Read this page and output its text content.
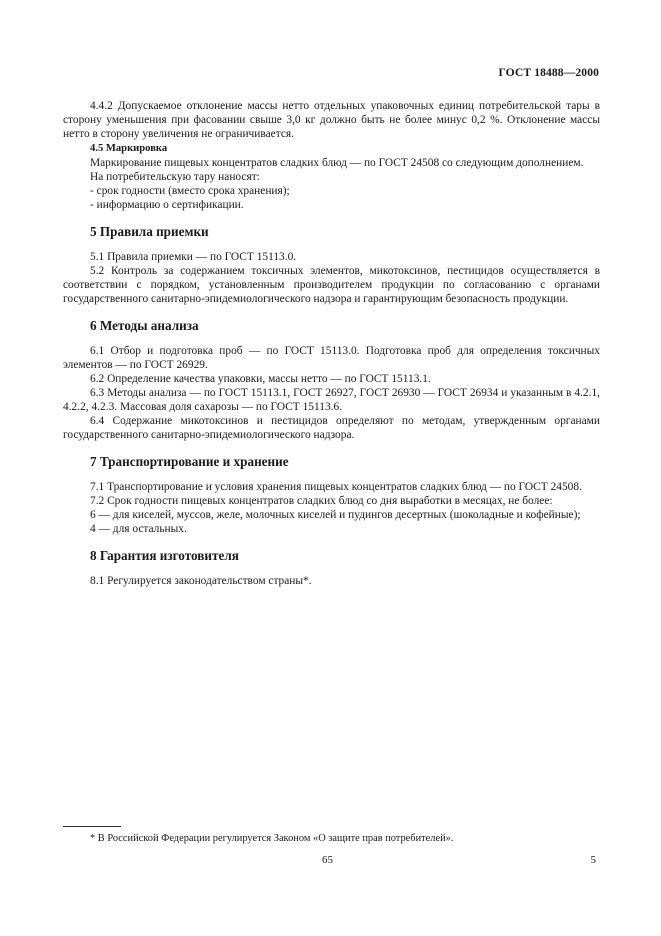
ГОСТ 18488—2000

4.4.2 Допускаемое отклонение массы нетто отдельных упаковочных единиц потребительской тары в сторону уменьшения при фасовании свыше 3,0 кг должно быть не более минус 0,2 %. Отклонение массы нетто в сторону увеличения не ограничивается.

4.5 Маркировка

Маркирование пищевых концентратов сладких блюд — по ГОСТ 24508 со следующим дополнением.

На потребительскую тару наносят:

- срок годности (вместо срока хранения);

- информацию о сертификации.

5 Правила приемки

5.1 Правила приемки — по ГОСТ 15113.0.

5.2 Контроль за содержанием токсичных элементов, микотоксинов, пестицидов осуществляется в соответствии с порядком, установленным производителем продукции по согласованию с органами государственного санитарно-эпидемиологического надзора и гарантирующим безопасность продукции.

6 Методы анализа

6.1 Отбор и подготовка проб — по ГОСТ 15113.0. Подготовка проб для определения токсичных элементов — по ГОСТ 26929.

6.2 Определение качества упаковки, массы нетто — по ГОСТ 15113.1.

6.3 Методы анализа — по ГОСТ 15113.1, ГОСТ 26927, ГОСТ 26930 — ГОСТ 26934 и указанным в 4.2.1, 4.2.2, 4.2.3. Массовая доля сахарозы — по ГОСТ 15113.6.

6.4 Содержание микотоксинов и пестицидов определяют по методам, утвержденным органами государственного санитарно-эпидемиологического надзора.

7 Транспортирование и хранение

7.1 Транспортирование и условия хранения пищевых концентратов сладких блюд — по ГОСТ 24508.

7.2 Срок годности пищевых концентратов сладких блюд со дня выработки в месяцах, не более:

6 — для киселей, муссов, желе, молочных киселей и пудингов десертных (шоколадные и кофейные);

4 — для остальных.

8 Гарантия изготовителя

8.1 Регулируется законодательством страны*.

* В Российской Федерации регулируется Законом «О защите прав потребителей».
65	5
